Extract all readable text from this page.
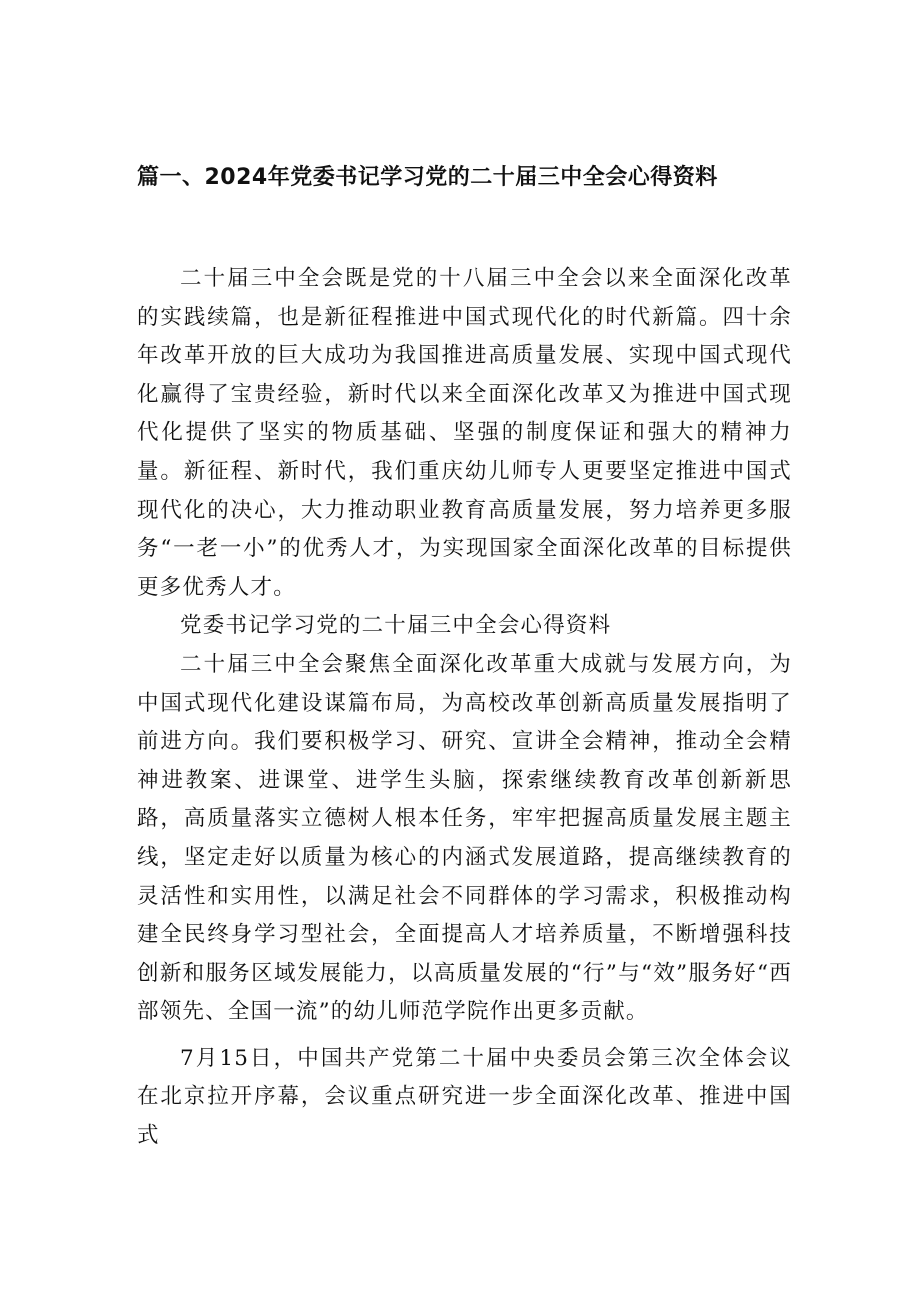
篇一、2024年党委书记学习党的二十届三中全会心得资料

二十届三中全会既是党的十八届三中全会以来全面深化改革的实践续篇，也是新征程推进中国式现代化的时代新篇。四十余年改革开放的巨大成功为我国推进高质量发展、实现中国式现代化赢得了宝贵经验，新时代以来全面深化改革又为推进中国式现代化提供了坚实的物质基础、坚强的制度保证和强大的精神力量。新征程、新时代，我们重庆幼儿师专人更要坚定推进中国式现代化的决心，大力推动职业教育高质量发展，努力培养更多服务“一老一小”的优秀人才，为实现国家全面深化改革的目标提供更多优秀人才。

党委书记学习党的二十届三中全会心得资料

二十届三中全会聚焦全面深化改革重大成就与发展方向，为中国式现代化建设谋篇布局，为高校改革创新高质量发展指明了前进方向。我们要积极学习、研究、宣讲全会精神，推动全会精神进教案、进课堂、进学生头脑，探索继续教育改革创新新思路，高质量落实立德树人根本任务，牢牢把握高质量发展主题主线，坚定走好以质量为核心的内涵式发展道路，提高继续教育的灵活性和实用性，以满足社会不同群体的学习需求，积极推动构建全民终身学习型社会，全面提高人才培养质量，不断增强科技创新和服务区域发展能力，以高质量发展的“行”与“效”服务好“西部领先、全国一流”的幼儿师范学院作出更多贡献。

7月15日，中国共产党第二十届中央委员会第三次全体会议在北京拉开序幕，会议重点研究进一步全面深化改革、推进中国式
